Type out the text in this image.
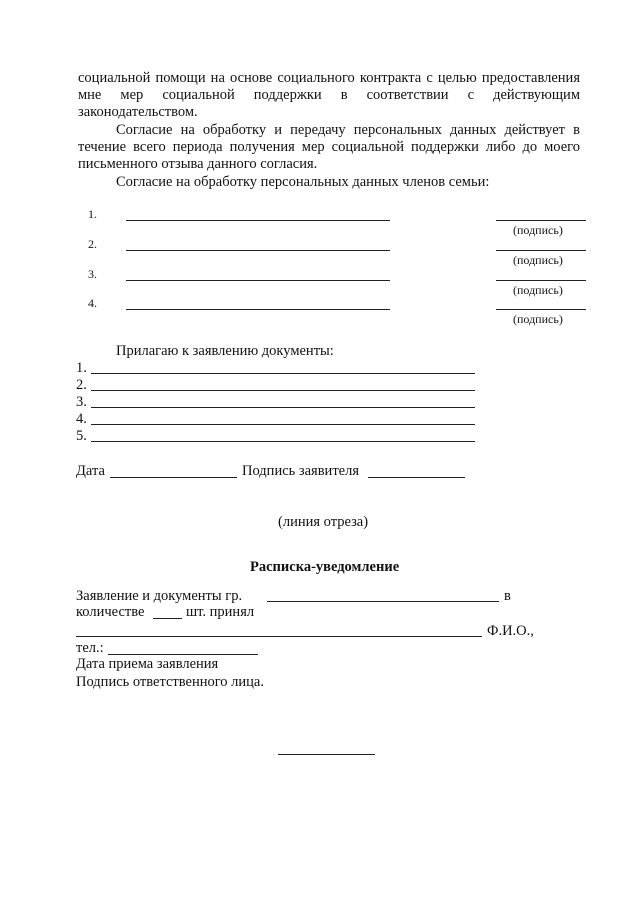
социальной помощи на основе социального контракта с целью предоставления мне мер социальной поддержки в соответствии с действующим законодательством.
Согласие на обработку и передачу персональных данных действует в течение всего периода получения мер социальной поддержки либо до моего письменного отзыва данного согласия.
Согласие на обработку персональных данных членов семьи:
1.
(подпись)
2.
(подпись)
3.
(подпись)
4.
(подпись)
Прилагаю к заявлению документы:
1.
2.
3.
4.
5.
Дата	Подпись заявителя
(линия отреза)
Расписка-уведомление
Заявление и документы гр.	в
количестве	шт. принял
Ф.И.О.,
тел.:
Дата приема заявления
Подпись ответственного лица.
